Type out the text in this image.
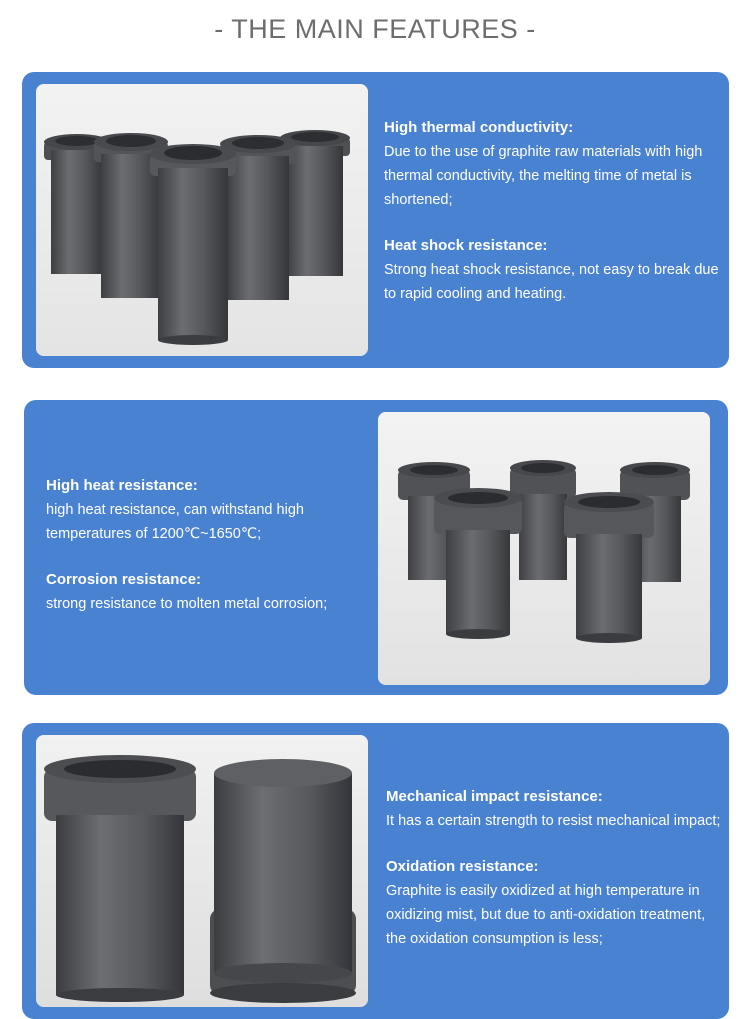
- THE MAIN FEATURES -
High thermal conductivity:
Due to the use of graphite raw materials with high thermal conductivity, the melting time of metal is shortened;
Heat shock resistance:
Strong heat shock resistance, not easy to break due to rapid cooling and heating.
High heat resistance:
high heat resistance, can withstand high temperatures of 1200℃~1650℃;
Corrosion resistance:
strong resistance to molten metal corrosion;
Mechanical impact resistance:
It has a certain strength to resist mechanical impact;
Oxidation resistance:
Graphite is easily oxidized at high temperature in oxidizing mist, but due to anti-oxidation treatment, the oxidation consumption is less;
